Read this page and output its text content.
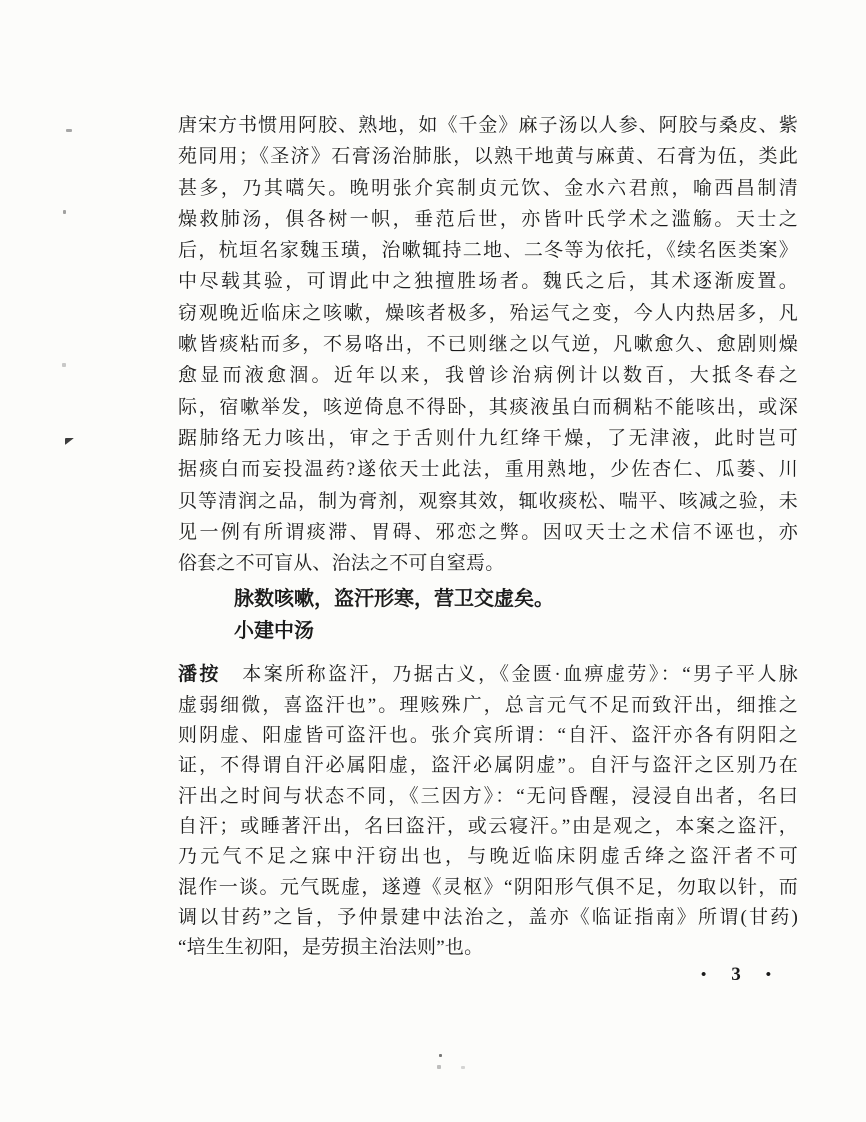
唐宋方书惯用阿胶、熟地，如《千金》麻子汤以人参、阿胶与桑皮、紫
苑同用；《圣济》石膏汤治肺胀，以熟干地黄与麻黄、石膏为伍，类此
甚多，乃其嚆矢。晚明张介宾制贞元饮、金水六君煎，喻西昌制清
燥救肺汤，俱各树一帜，垂范后世，亦皆叶氏学术之滥觞。天士之
后，杭垣名家魏玉璜，治嗽辄持二地、二冬等为依托，《续名医类案》
中尽载其验，可谓此中之独擅胜场者。魏氏之后，其术逐渐废置。
窃观晚近临床之咳嗽，燥咳者极多，殆运气之变，今人内热居多，凡
嗽皆痰粘而多，不易咯出，不已则继之以气逆，凡嗽愈久、愈剧则燥
愈显而液愈涸。近年以来，我曾诊治病例计以数百，大抵冬春之
际，宿嗽举发，咳逆倚息不得卧，其痰液虽白而稠粘不能咳出，或深
踞肺络无力咳出，审之于舌则什九红绛干燥，了无津液，此时岂可
据痰白而妄投温药?遂依天士此法，重用熟地，少佐杏仁、瓜蒌、川
贝等清润之品，制为膏剂，观察其效，辄收痰松、喘平、咳减之验，未
见一例有所谓痰滞、胃碍、邪恋之弊。因叹天士之术信不诬也，亦
俗套之不可盲从、治法之不可自窒焉。
脉数咳嗽，盗汗形寒，营卫交虚矣。
小建中汤
潘按　本案所称盗汗，乃据古义，《金匮·血痹虚劳》：“男子平人脉
虚弱细微，喜盗汗也”。理赅殊广，总言元气不足而致汗出，细推之
则阴虚、阳虚皆可盗汗也。张介宾所谓：“自汗、盗汗亦各有阴阳之
证，不得谓自汗必属阳虚，盗汗必属阴虚”。自汗与盗汗之区别乃在
汗出之时间与状态不同，《三因方》：“无问昏醒，浸浸自出者，名曰
自汗；或睡著汗出，名曰盗汗，或云寝汗。”由是观之，本案之盗汗，
乃元气不足之寐中汗窃出也，与晚近临床阴虚舌绛之盗汗者不可
混作一谈。元气既虚，遂遵《灵枢》“阴阳形气俱不足，勿取以针，而
调以甘药”之旨，予仲景建中法治之，盖亦《临证指南》所谓(甘药)
“培生生初阳，是劳损主治法则”也。
• 3 •
